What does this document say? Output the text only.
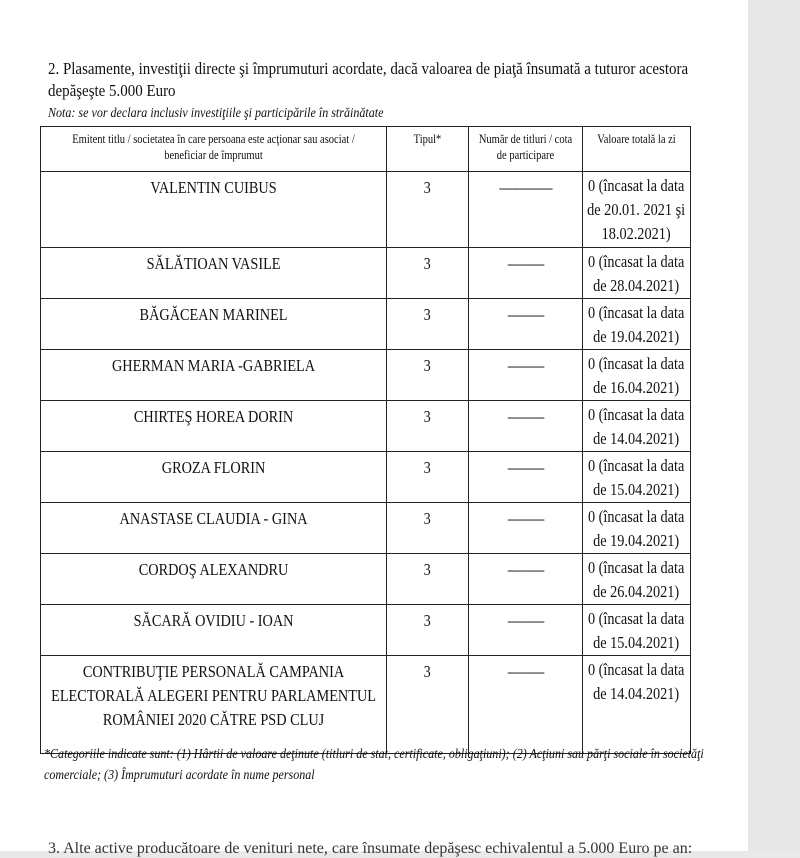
2. Plasamente, investiţii directe şi împrumuturi acordate, dacă valoarea de piaţă însumată a tuturor acestora depăşeşte 5.000 Euro
Nota: se vor declara inclusiv investiţiile şi participările în străinătate
Emitent titlu / societatea în care persoana este acţionar sau asociat / beneficiar de împrumut	Tipul*	Număr de titluri / cota de participare	Valoare totală la zi

VALENTIN CUIBUS	3	----------------	0 (încasat la data de 20.01. 2021 şi 18.02.2021)
SĂLĂTIOAN VASILE	3	-----------	0 (încasat la data de 28.04.2021)
BĂGĂCEAN MARINEL	3	-----------	0 (încasat la data de 19.04.2021)
GHERMAN MARIA -GABRIELA	3	-----------	0 (încasat la data de 16.04.2021)
CHIRTEŞ HOREA DORIN	3	-----------	0 (încasat la data de 14.04.2021)
GROZA FLORIN	3	-----------	0 (încasat la data de 15.04.2021)
ANASTASE CLAUDIA - GINA	3	-----------	0 (încasat la data de 19.04.2021)
CORDOŞ ALEXANDRU	3	-----------	0 (încasat la data de 26.04.2021)
SĂCARĂ OVIDIU - IOAN	3	-----------	0 (încasat la data de 15.04.2021)
CONTRIBUŢIE PERSONALĂ CAMPANIA ELECTORALĂ ALEGERI PENTRU PARLAMENTUL ROMÂNIEI 2020 CĂTRE PSD CLUJ	3	-----------	0 (încasat la data de 14.04.2021)
*Categoriile indicate sunt: (1) Hârtii de valoare deţinute (titluri de stat, certificate, obligaţiuni); (2) Acţiuni sau părţi sociale în societăţi comerciale; (3) Împrumuturi acordate în nume personal
3. Alte active producătoare de venituri nete, care însumate depăşesc echivalentul a 5.000 Euro pe an:
